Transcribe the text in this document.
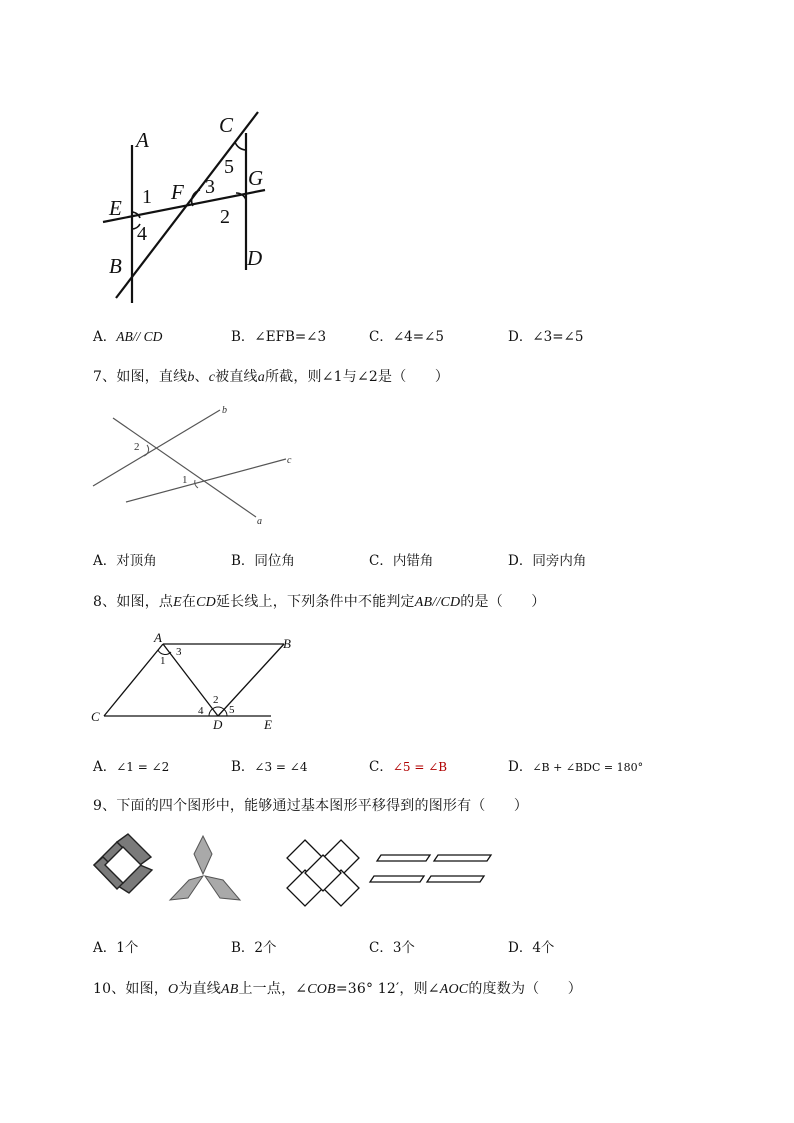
A
C
G
E
F
B	D
1	3
5
2
4
A．AB// CD	B．∠EFB=∠3	C．∠4=∠5	D．∠3=∠5
7、如图，直线b、c被直线a所截，则∠1与∠2是（　　）
b
c
a
2
1
A．对顶角	B．同位角	C．内错角	D．同旁内角
8、如图，点E在CD延长线上，下列条件中不能判定AB//CD的是（　　）
A	B
C
D	E
3
1
2
4 5
A．∠1 = ∠2	B．∠3 = ∠4	C．∠5 = ∠B	D．∠B + ∠BDC = 180°
9、下面的四个图形中，能够通过基本图形平移得到的图形有（　　）
A．1个	B．2个	C．3个	D．4个
10、如图，O为直线AB上一点，∠COB=36° 12′，则∠AOC的度数为（　　）
